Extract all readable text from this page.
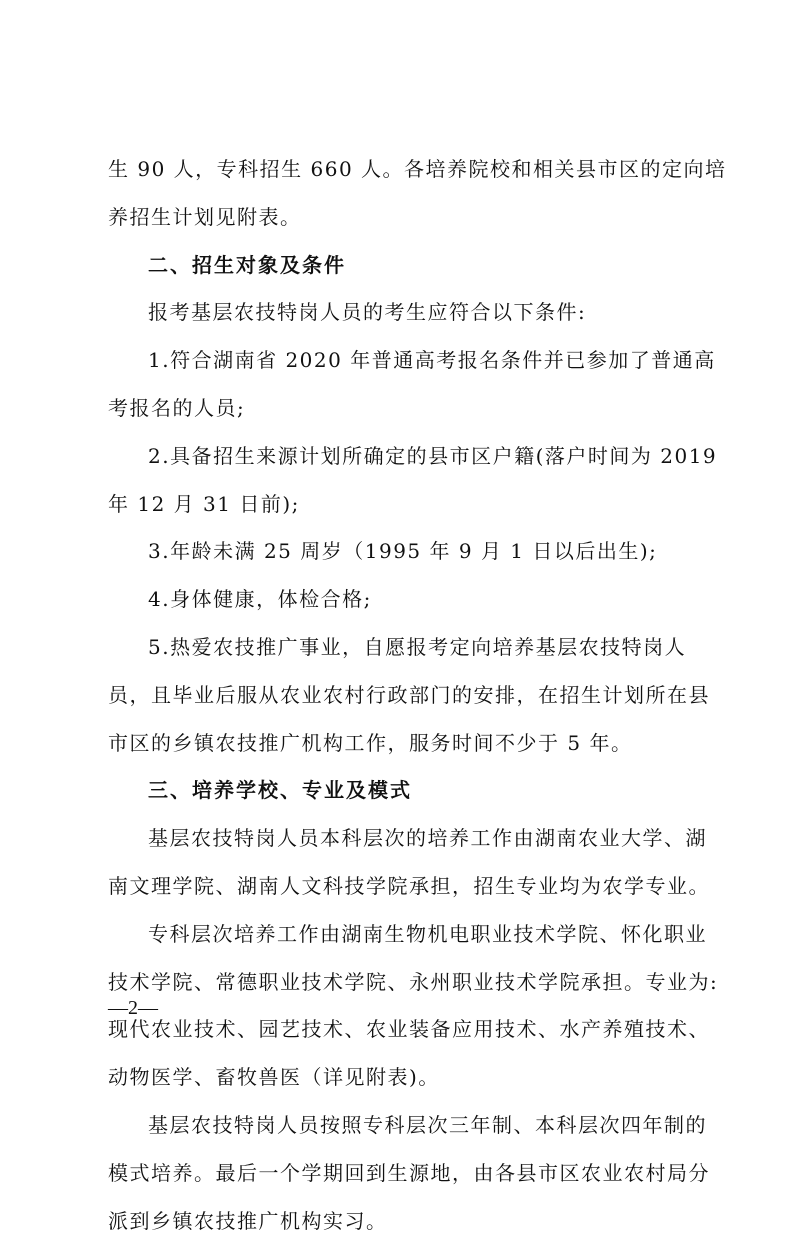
生 90 人，专科招生 660 人。各培养院校和相关县市区的定向培
养招生计划见附表。
二、招生对象及条件
报考基层农技特岗人员的考生应符合以下条件:
1.符合湖南省 2020 年普通高考报名条件并已参加了普通高
考报名的人员;
2.具备招生来源计划所确定的县市区户籍(落户时间为 2019
年 12 月 31 日前);
3.年龄未满 25 周岁（1995 年 9 月 1 日以后出生);
4.身体健康，体检合格;
5.热爱农技推广事业，自愿报考定向培养基层农技特岗人
员，且毕业后服从农业农村行政部门的安排，在招生计划所在县
市区的乡镇农技推广机构工作，服务时间不少于 5 年。
三、培养学校、专业及模式
基层农技特岗人员本科层次的培养工作由湖南农业大学、湖
南文理学院、湖南人文科技学院承担，招生专业均为农学专业。
专科层次培养工作由湖南生物机电职业技术学院、怀化职业
技术学院、常德职业技术学院、永州职业技术学院承担。专业为:
现代农业技术、园艺技术、农业装备应用技术、水产养殖技术、
动物医学、畜牧兽医（详见附表)。
基层农技特岗人员按照专科层次三年制、本科层次四年制的
模式培养。最后一个学期回到生源地，由各县市区农业农村局分
派到乡镇农技推广机构实习。
—2—
